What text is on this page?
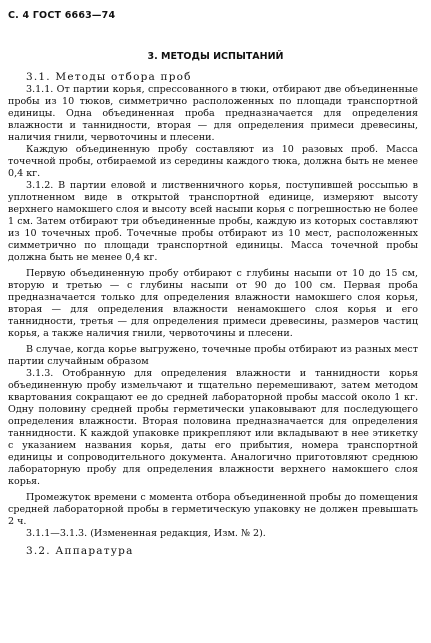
С. 4 ГОСТ 6663—74
3. МЕТОДЫ ИСПЫТАНИЙ

3.1. Методы отбора проб

3.1.1. От партии корья, спрессованного в тюки, отбирают две объединенные пробы из 10 тюков, симметрично расположенных по площади транспортной единицы. Одна объединенная проба предназначается для определения влажности и таннидности, вторая — для определения примеси древесины, наличия гнили, червоточины и плесени.

Каждую объединенную пробу составляют из 10 разовых проб. Масса точечной пробы, отбираемой из середины каждого тюка, должна быть не менее 0,4 кг.

3.1.2. В партии еловой и лиственничного корья, поступившей россыпью в уплотненном виде в открытой транспортной единице, измеряют высоту верхнего намокшего слоя и высоту всей насыпи корья с погрешностью не более 1 см. Затем отбирают три объединенные пробы, каждую из которых составляют из 10 точечных проб. Точечные пробы отбирают из 10 мест, расположенных симметрично по площади транспортной единицы. Масса точечной пробы должна быть не менее 0,4 кг.

Первую объединенную пробу отбирают с глубины насыпи от 10 до 15 см, вторую и третью — с глубины насыпи от 90 до 100 см. Первая проба предназначается только для определения влажности намокшего слоя корья, вторая — для определения влажности ненамокшего слоя корья и его таннидности, третья — для определения примеси древесины, размеров частиц корья, а также наличия гнили, червоточины и плесени.

В случае, когда корье выгружено, точечные пробы отбирают из разных мест партии случайным образом

3.1.3. Отобранную для определения влажности и таннидности корья объединенную пробу измельчают и тщательно перемешивают, затем методом квартования сокращают ее до средней лабораторной пробы массой около 1 кг. Одну половину средней пробы герметически упаковывают для последующего определения влажности. Вторая половина предназначается для определения таннидности. К каждой упаковке прикрепляют или вкладывают в нее этикетку с указанием названия корья, даты его прибытия, номера транспортной единицы и сопроводительного документа. Аналогично приготовляют среднюю лабораторную пробу для определения влажности верхнего намокшего слоя корья.

Промежуток времени с момента отбора объединенной пробы до помещения средней лабораторной пробы в герметическую упаковку не должен превышать 2 ч.

3.1.1—3.1.3. (Измененная редакция, Изм. № 2).

3.2. Аппаратура
